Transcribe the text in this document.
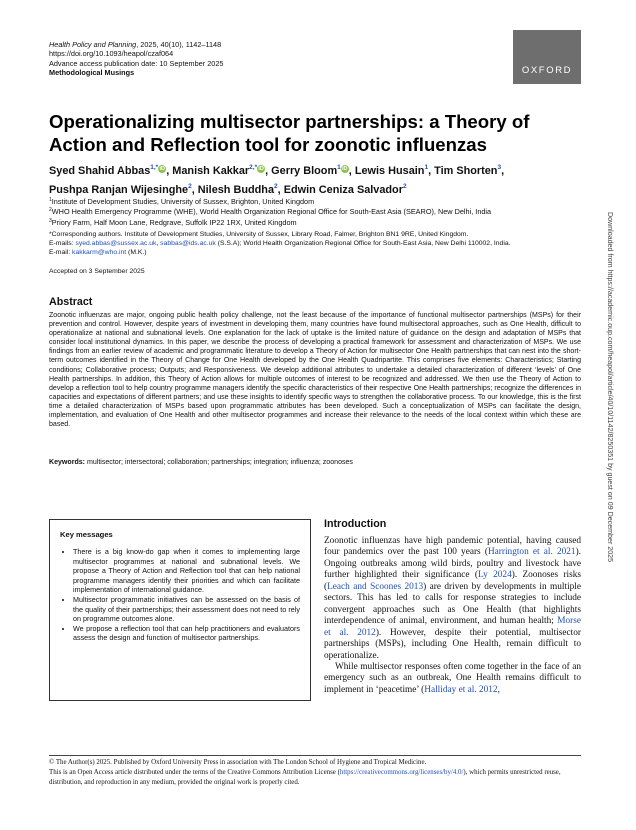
Health Policy and Planning, 2025, 40(10), 1142–1148
https://doi.org/10.1093/heapol/czaf064
Advance access publication date: 10 September 2025
Methodological Musings	OXFORD
Operationalizing multisector partnerships: a Theory of Action and Reflection tool for zoonotic influenzas
Syed Shahid Abbas$^{1,*}$iD, Manish Kakkar$^{2,*}$iD, Gerry Bloom$^1$iD, Lewis Husain$^1$, Tim Shorten$^3$,
Pushpa Ranjan Wijesinghe$^2$, Nilesh Buddha$^2$, Edwin Ceniza Salvador$^2$
$^1$Institute of Development Studies, University of Sussex, Brighton, United Kingdom
$^2$WHO Health Emergency Programme (WHE), World Health Organization Regional Office for South-East Asia (SEARO), New Delhi, India
$^3$Priory Farm, Half Moon Lane, Redgrave, Suffolk IP22 1RX, United Kingdom
*Corresponding authors. Institute of Development Studies, University of Sussex, Library Road, Falmer, Brighton BN1 9RE, United Kingdom.
E-mails: syed.abbas@sussex.ac.uk, sabbas@ids.ac.uk (S.S.A); World Health Organization Regional Office for South-East Asia, New Delhi 110002, India.
E-mail: kakkarm@who.int (M.K.)
Accepted on 3 September 2025	Downloaded from https://academic.oup.com/heapol/article/40/10/1142/8250351 by guest on 09 December 2025
Abstract

Zoonotic influenzas are major, ongoing public health policy challenge, not the least because of the importance of functional multisector partnerships (MSPs) for their prevention and control. However, despite years of investment in developing them, many countries have found multisectoral approaches, such as One Health, difficult to operationalize at national and subnational levels. One explanation for the lack of uptake is the limited nature of guidance on the design and adaptation of MSPs that consider local institutional dynamics. In this paper, we describe the process of developing a practical framework for assessment and characterization of MSPs. We use findings from an earlier review of academic and programmatic literature to develop a Theory of Action for multisector One Health partnerships that can nest into the short-term outcomes identified in the Theory of Change for One Health developed by the One Health Quadripartite. This comprises five elements: Characteristics; Starting conditions; Collaborative process; Outputs; and Responsiveness. We develop additional attributes to undertake a detailed characterization of different ‘levels’ of One Health partnerships. In addition, this Theory of Action allows for multiple outcomes of interest to be recognized and addressed. We then use the Theory of Action to develop a reflection tool to help country programme managers identify the specific characteristics of their respective One Health partnerships; recognize the differences in capacities and expectations of different partners; and use these insights to identify specific ways to strengthen the collaborative process. To our knowledge, this is the first time a detailed characterization of MSPs based upon programmatic attributes has been developed. Such a conceptualization of MSPs can facilitate the design, implementation, and evaluation of One Health and other multisector programmes and increase their relevance to the needs of the local context within which these are based.

Keywords: multisector; intersectoral; collaboration; partnerships; integration; influenza; zoonoses
Key messages
• There is a big know-do gap when it comes to implementing large multisector programmes at national and subnational levels. We propose a Theory of Action and Reflection tool that can help national programme managers identify their priorities and which can facilitate implementation of international guidance.
• Multisector programmatic initiatives can be assessed on the basis of the quality of their partnerships; their assessment does not need to rely on programme outcomes alone.
• We propose a reflection tool that can help practitioners and evaluators assess the design and function of multisector partnerships.
Introduction

Zoonotic influenzas have high pandemic potential, having caused four pandemics over the past 100 years (Harrington et al. 2021). Ongoing outbreaks among wild birds, poultry and livestock have further highlighted their significance (Ly 2024). Zoonoses risks (Leach and Scoones 2013) are driven by developments in multiple sectors. This has led to calls for response strategies to include convergent approaches such as One Health (that highlights interdependence of animal, environment, and human health; Morse et al. 2012). However, despite their potential, multisector partnerships (MSPs), including One Health, remain difficult to operationalize.

While multisector responses often come together in the face of an emergency such as an outbreak, One Health remains difficult to implement in ‘peacetime’ (Halliday et al. 2012,

© The Author(s) 2025. Published by Oxford University Press in association with The London School of Hygiene and Tropical Medicine.
This is an Open Access article distributed under the terms of the Creative Commons Attribution License (https://creativecommons.org/licenses/by/4.0/), which permits unrestricted reuse, distribution, and reproduction in any medium, provided the original work is properly cited.
